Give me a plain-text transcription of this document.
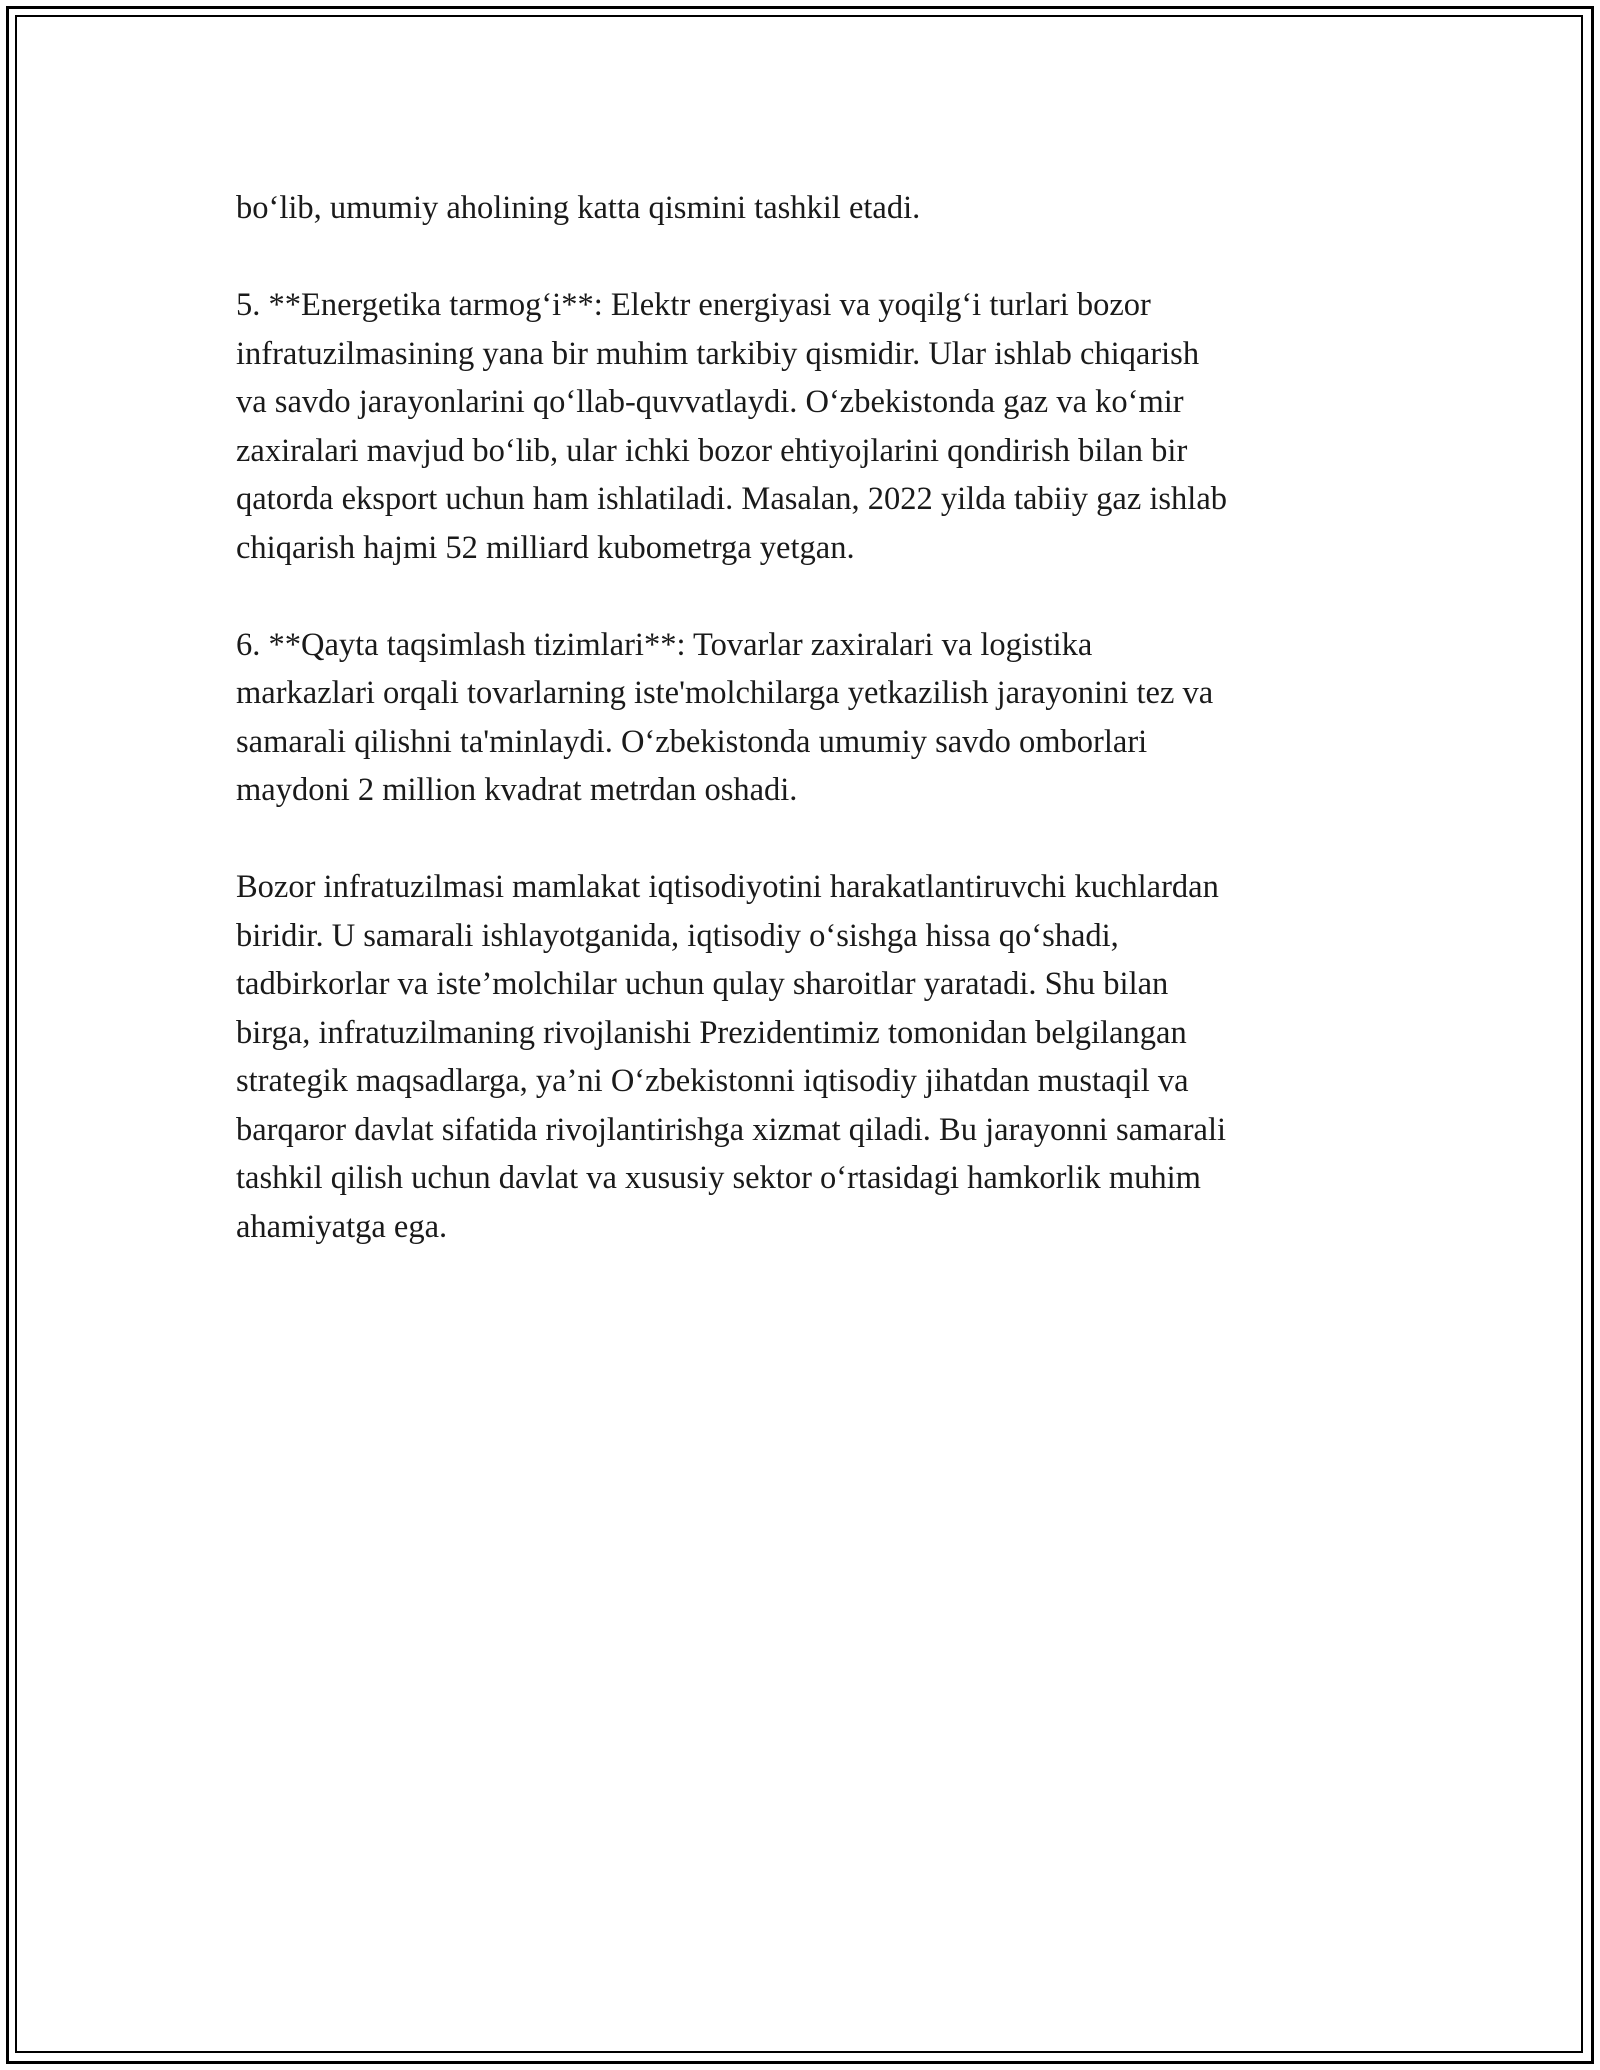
bo‘lib, umumiy aholining katta qismini tashkil etadi.

5. **Energetika tarmog‘i**: Elektr energiyasi va yoqilg‘i turlari bozor
infratuzilmasining yana bir muhim tarkibiy qismidir. Ular ishlab chiqarish
va savdo jarayonlarini qo‘llab-quvvatlaydi. O‘zbekistonda gaz va ko‘mir
zaxiralari mavjud bo‘lib, ular ichki bozor ehtiyojlarini qondirish bilan bir
qatorda eksport uchun ham ishlatiladi. Masalan, 2022 yilda tabiiy gaz ishlab
chiqarish hajmi 52 milliard kubometrga yetgan.

6. **Qayta taqsimlash tizimlari**: Tovarlar zaxiralari va logistika
markazlari orqali tovarlarning iste'molchilarga yetkazilish jarayonini tez va
samarali qilishni ta'minlaydi. O‘zbekistonda umumiy savdo omborlari
maydoni 2 million kvadrat metrdan oshadi.

Bozor infratuzilmasi mamlakat iqtisodiyotini harakatlantiruvchi kuchlardan
biridir. U samarali ishlayotganida, iqtisodiy o‘sishga hissa qo‘shadi,
tadbirkorlar va iste’molchilar uchun qulay sharoitlar yaratadi. Shu bilan
birga, infratuzilmaning rivojlanishi Prezidentimiz tomonidan belgilangan
strategik maqsadlarga, ya’ni O‘zbekistonni iqtisodiy jihatdan mustaqil va
barqaror davlat sifatida rivojlantirishga xizmat qiladi. Bu jarayonni samarali
tashkil qilish uchun davlat va xususiy sektor o‘rtasidagi hamkorlik muhim
ahamiyatga ega.
